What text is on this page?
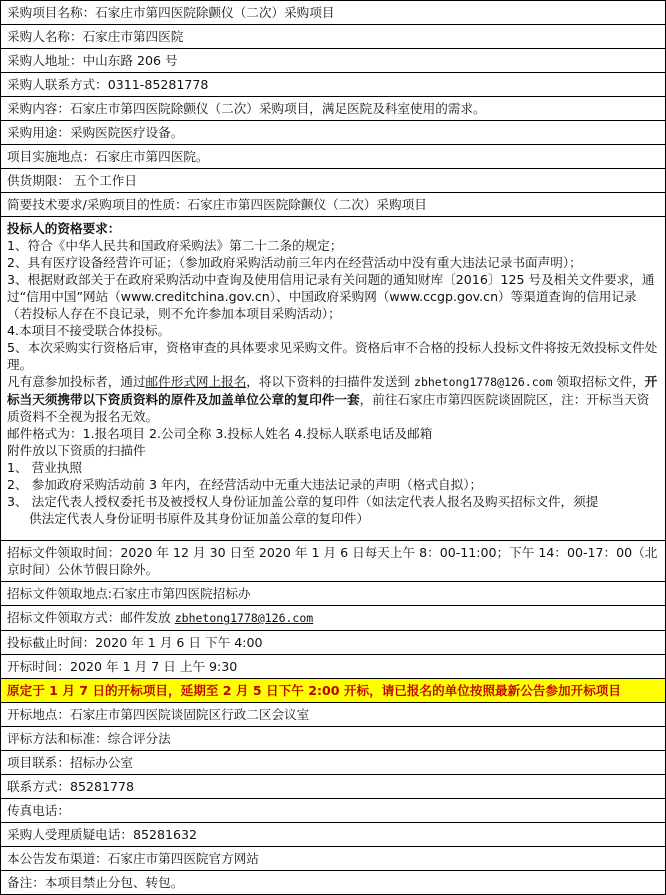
采购项目名称：石家庄市第四医院除颤仪（二次）采购项目
采购人名称：石家庄市第四医院
采购人地址：中山东路 206 号
采购人联系方式：0311-85281778
采购内容：石家庄市第四医院除颤仪（二次）采购项目，满足医院及科室使用的需求。
采购用途：采购医院医疗设备。
项目实施地点：石家庄市第四医院。
供货期限： 五个工作日
简要技术要求/采购项目的性质：石家庄市第四医院除颤仪（二次）采购项目
投标人的资格要求：
1、符合《中华人民共和国政府采购法》第二十二条的规定；
2、具有医疗设备经营许可证；（参加政府采购活动前三年内在经营活动中没有重大违法记录书面声明）；
3、根据财政部关于在政府采购活动中查询及使用信用记录有关问题的通知财库〔2016〕125 号及相关文件要求，通过“信用中国”网站（www.creditchina.gov.cn）、中国政府采购网（www.ccgp.gov.cn）等渠道查询的信用记录（若投标人存在不良记录，则不允许参加本项目采购活动）；
4.本项目不接受联合体投标。
5、本次采购实行资格后审，资格审查的具体要求见采购文件。资格后审不合格的投标人投标文件将按无效投标文件处理。
凡有意参加投标者，通过邮件形式网上报名，将以下资料的扫描件发送到 zbhetong1778@126.com 领取招标文件，开标当天须携带以下资质资料的原件及加盖单位公章的复印件一套，前往石家庄市第四医院谈固院区，注：开标当天资质资料不全视为报名无效。
邮件格式为：1.报名项目 2.公司全称 3.投标人姓名 4.投标人联系电话及邮箱
附件放以下资质的扫描件
1、 营业执照
2、 参加政府采购活动前 3 年内，在经营活动中无重大违法记录的声明（格式自拟）；
3、 法定代表人授权委托书及被授权人身份证加盖公章的复印件（如法定代表人报名及购买招标文件，须提
供法定代表人身份证明书原件及其身份证加盖公章的复印件）
招标文件领取时间：2020 年 12 月 30 日至 2020 年 1 月 6 日每天上午 8：00-11:00；下午 14：00-17：00（北京时间）公休节假日除外。
招标文件领取地点:石家庄市第四医院招标办
招标文件领取方式：邮件发放 zbhetong1778@126.com
投标截止时间：2020 年 1 月 6 日 下午 4:00
开标时间：2020 年 1 月 7 日 上午 9:30
原定于 1 月 7 日的开标项目，延期至 2 月 5 日下午 2:00 开标，请已报名的单位按照最新公告参加开标项目
开标地点：石家庄市第四医院谈固院区行政二区会议室
评标方法和标准：综合评分法
项目联系：招标办公室
联系方式：85281778
传真电话：
采购人受理质疑电话：85281632
本公告发布渠道：石家庄市第四医院官方网站
备注：本项目禁止分包、转包。
